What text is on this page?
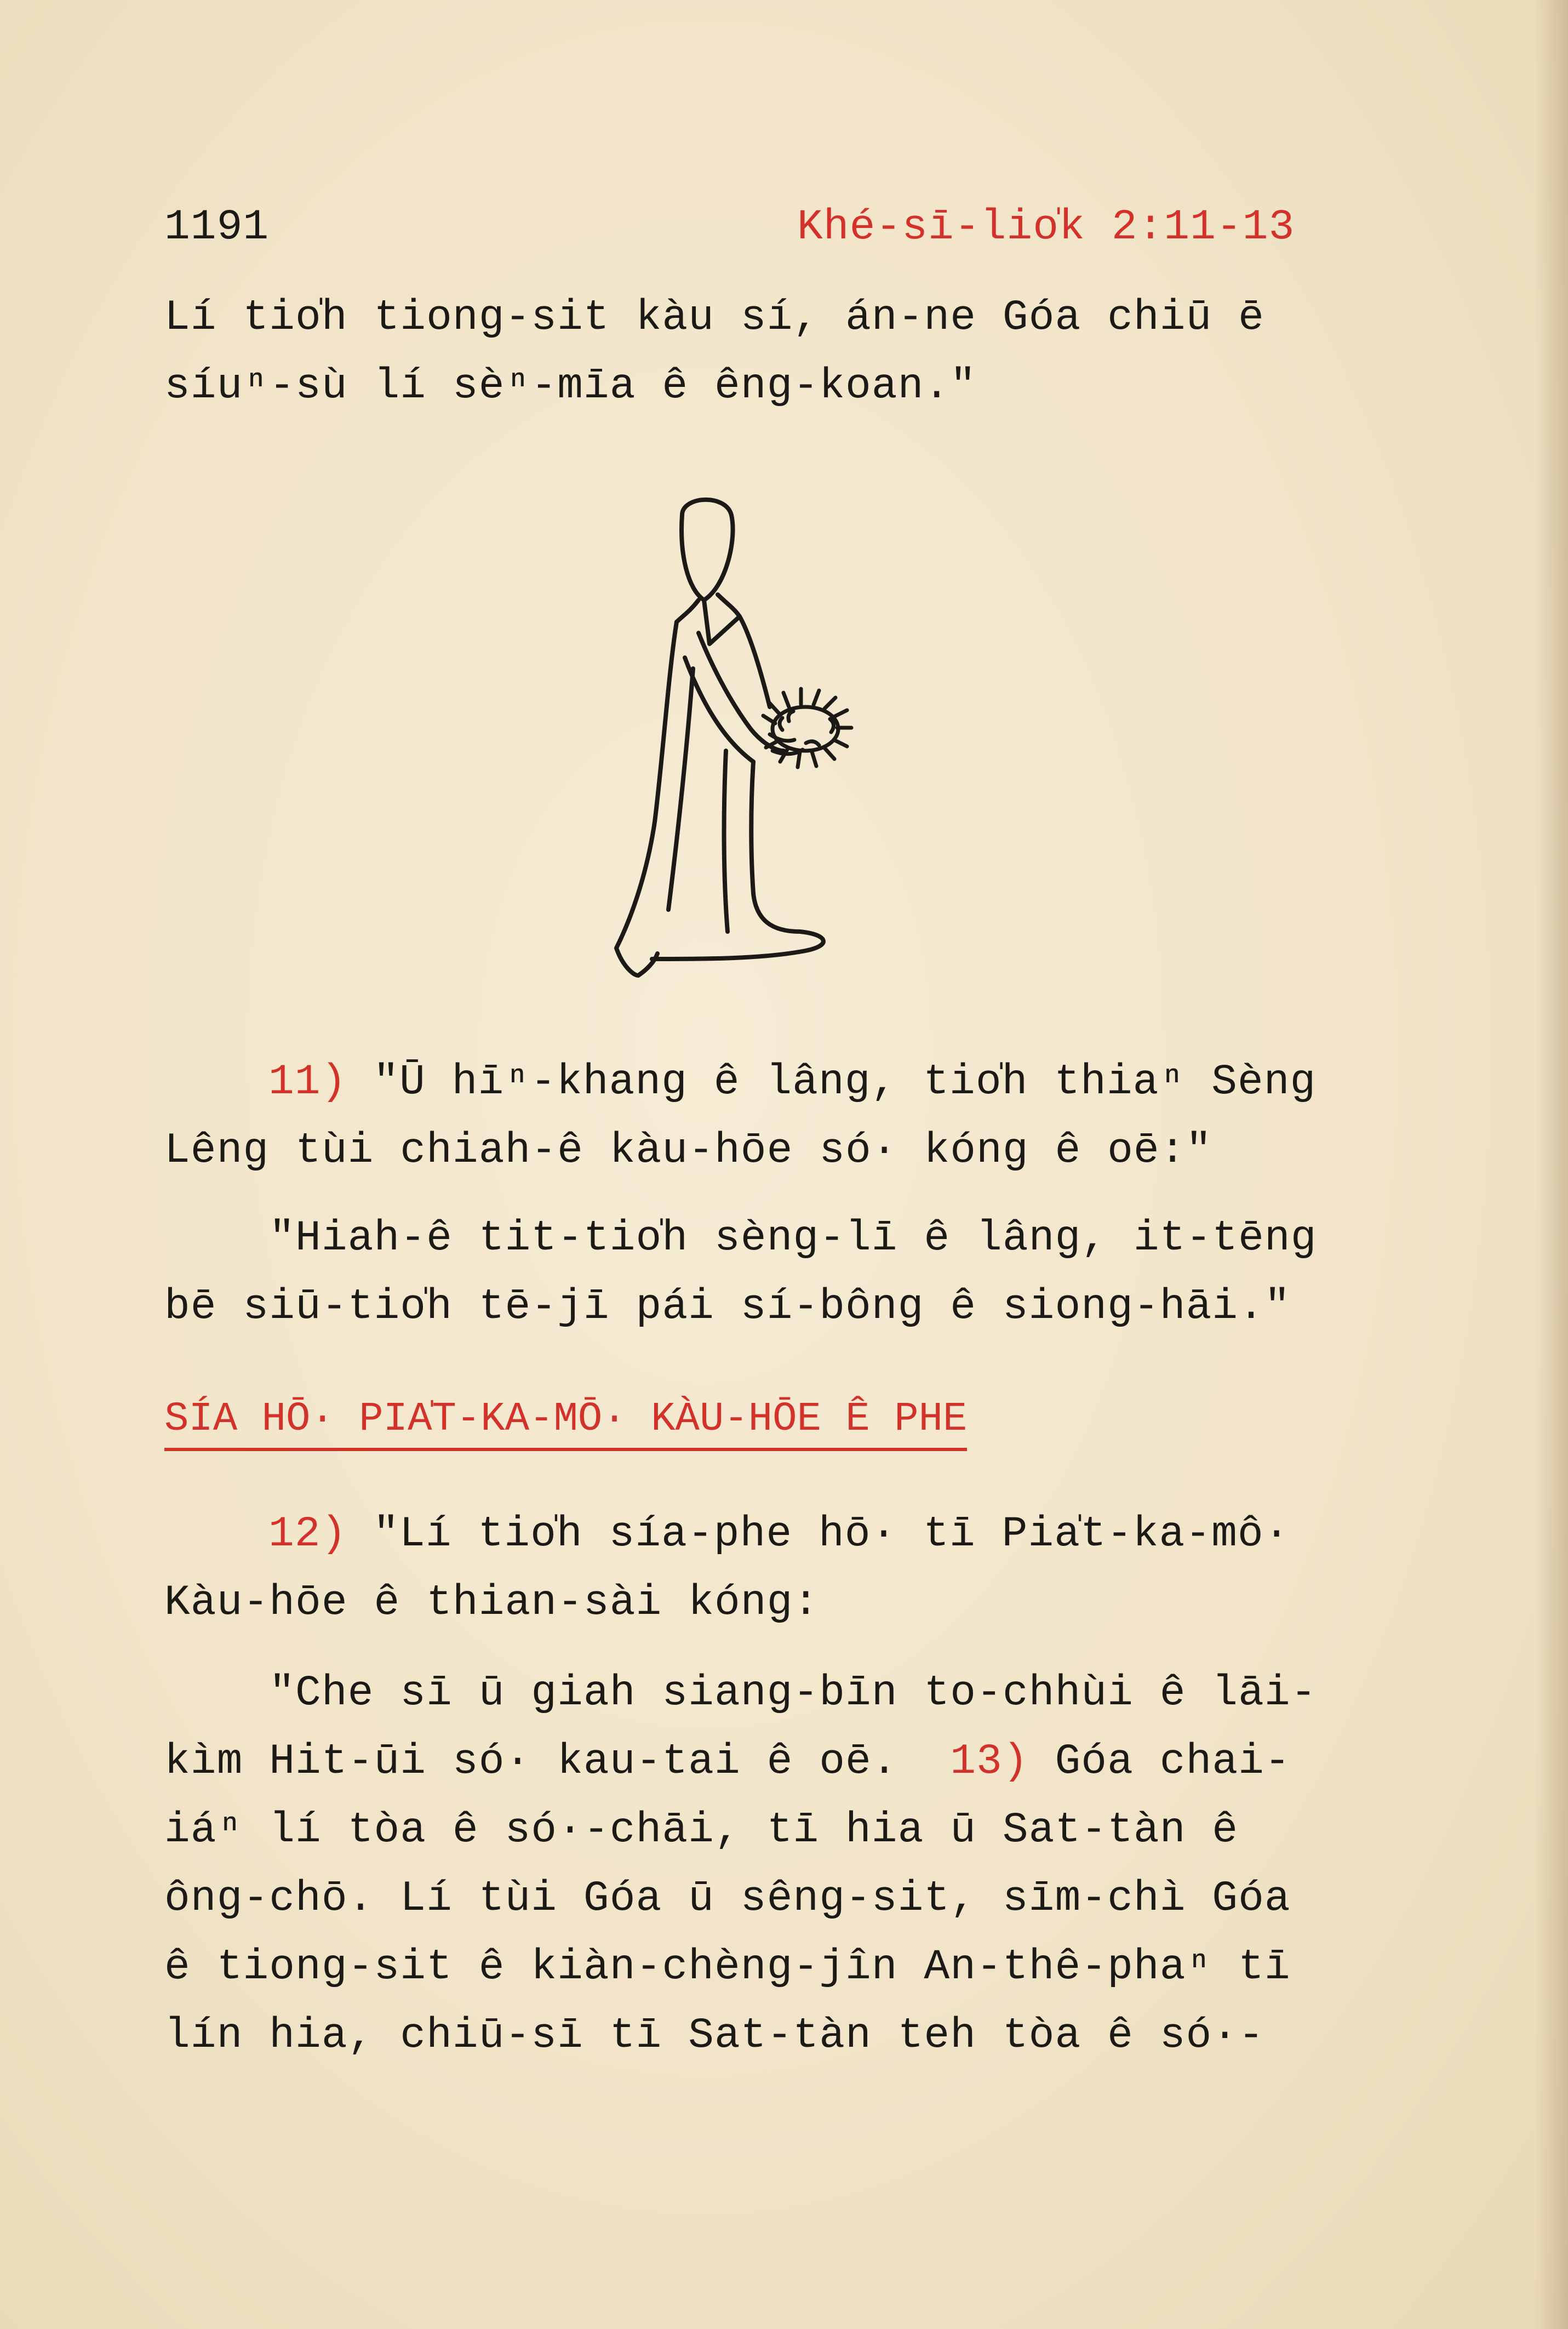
1191	Khé-sī-lio̍k 2:11-13
Lí tio̍h tiong-sit kàu sí, án-ne Góa chiū ē
síuⁿ-sù lí sèⁿ-mīa ê êng-koan."
11) "Ū hīⁿ-khang ê lâng, tio̍h thiaⁿ Sèng
Lêng tùi chiah-ê kàu-hōe só· kóng ê oē:"
"Hiah-ê tit-tio̍h sèng-lī ê lâng, it-tēng
bē siū-tio̍h tē-jī pái sí-bông ê siong-hāi."
SÍA HŌ· PIA̍T-KA-MŌ· KÀU-HŌE Ê PHE
12) "Lí tio̍h sía-phe hō· tī Pia̍t-ka-mô·
Kàu-hōe ê thian-sài kóng:
"Che sī ū giah siang-bīn to-chhùi ê lāi-
kìm Hit-ūi só· kau-tai ê oē.  13) Góa chai-
iáⁿ lí tòa ê só·-chāi, tī hia ū Sat-tàn ê
ông-chō. Lí tùi Góa ū sêng-sit, sīm-chì Góa
ê tiong-sit ê kiàn-chèng-jîn An-thê-phaⁿ tī
lín hia, chiū-sī tī Sat-tàn teh tòa ê só·-
